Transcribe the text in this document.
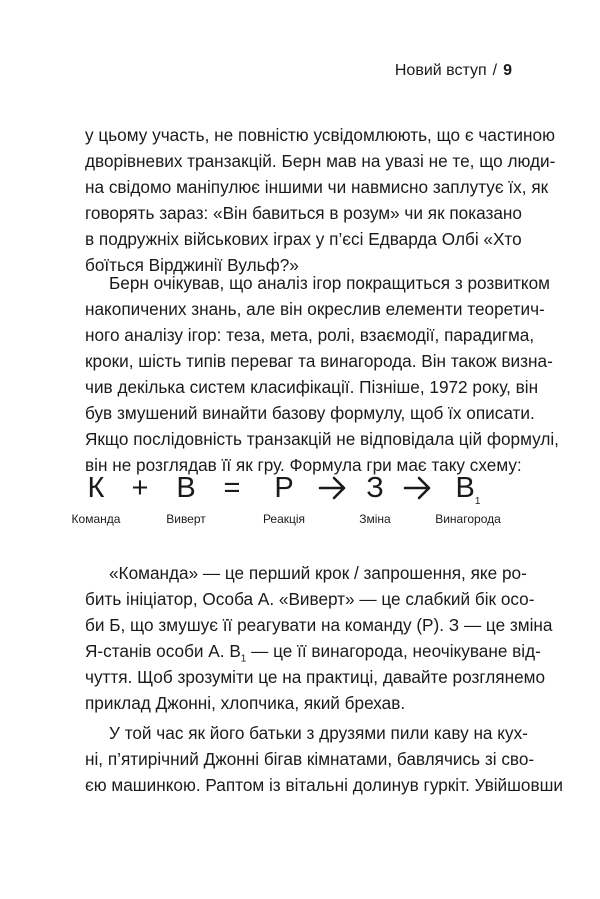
Новий вступ / 9
у цьому участь, не повністю усвідомлюють, що є частиною
дворівневих транзакцій. Берн мав на увазі не те, що люди-
на свідомо маніпулює іншими чи навмисно заплутує їх, як
говорять зараз: «Він бавиться в розум» чи як показано
в подружніх військових іграх у п’єсі Едварда Олбі «Хто
боїться Вірджинії Вульф?»
Берн очікував, що аналіз ігор покращиться з розвитком
накопичених знань, але він окреслив елементи теоретич-
ного аналізу ігор: теза, мета, ролі, взаємодії, парадигма,
кроки, шість типів переваг та винагорода. Він також визна-
чив декілька систем класифікації. Пізніше, 1972 року, він
був змушений винайти базову формулу, щоб їх описати.
Якщо послідовність транзакцій не відповідала цій формулі,
він не розглядав її як гру. Формула гри має таку схему:
К + В = Р	З $В_1$
Команда	Виверт	Реакція	Зміна	Винагорода
«Команда» — це перший крок / запрошення, яке ро-
бить ініціатор, Особа А. «Виверт» — це слабкий бік осо-
би Б, що змушує її реагувати на команду (Р). З — це зміна
Я-станів особи А. $В_1$ — це її винагорода, неочікуване від-
чуття. Щоб зрозуміти це на практиці, давайте розглянемо
приклад Джонні, хлопчика, який брехав.
У той час як його батьки з друзями пили каву на кух-
ні, п’ятирічний Джонні бігав кімнатами, бавлячись зі сво-
єю машинкою. Раптом із вітальні долинув гуркіт. Увійшовши
